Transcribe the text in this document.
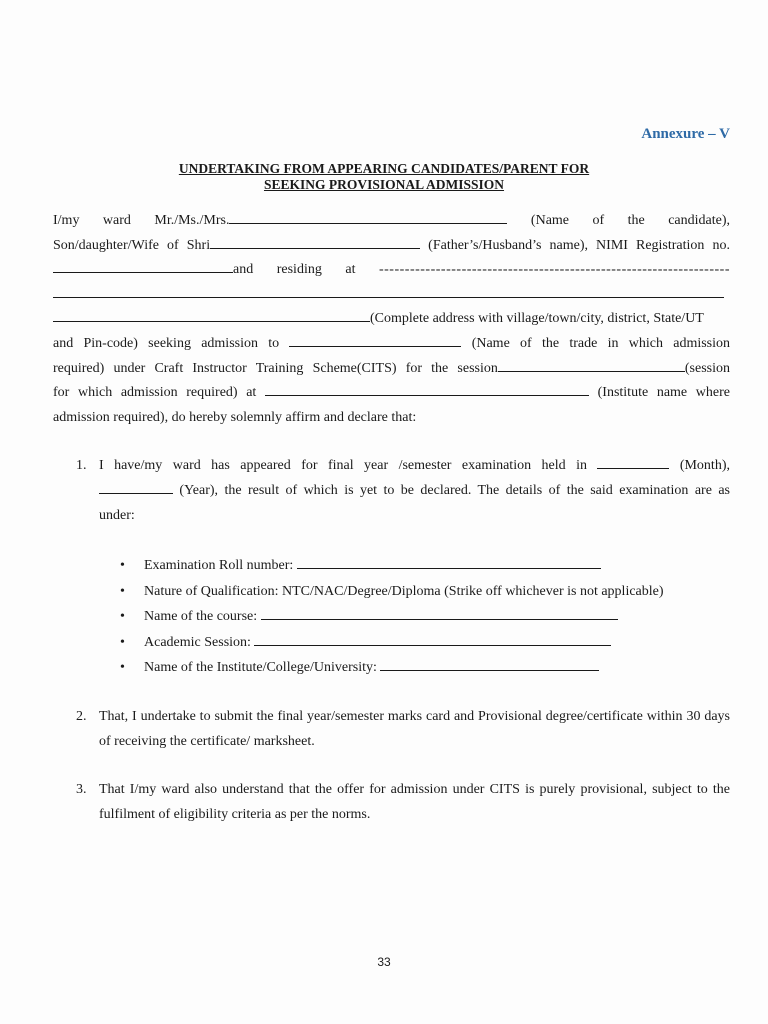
Annexure – V
UNDERTAKING FROM APPEARING CANDIDATES/PARENT FOR
SEEKING PROVISIONAL ADMISSION
I/my ward Mr./Ms./Mrs.	(Name of the candidate),
Son/daughter/Wife of Shri	(Father’s/Husband’s name), NIMI Registration no.
and residing at --------------------------------------------------------------------
(Complete address with village/town/city, district, State/UT
and Pin-code) seeking admission to	(Name of the trade in which admission
required) under Craft Instructor Training Scheme(CITS) for the session	(session
for which admission required) at	(Institute name where
admission required), do hereby solemnly affirm and declare that:
1. I have/my ward has appeared for final year /semester examination held in	(Month),
(Year), the result of which is yet to be declared. The details of the said examination are as
under:
• Examination Roll number:
• Nature of Qualification: NTC/NAC/Degree/Diploma (Strike off whichever is not applicable)
• Name of the course:
• Academic Session:
• Name of the Institute/College/University:
2. That, I undertake to submit the final year/semester marks card and Provisional degree/certificate within 30 days of receiving the certificate/ marksheet.
3. That I/my ward also understand that the offer for admission under CITS is purely provisional, subject to the fulfilment of eligibility criteria as per the norms.
33
